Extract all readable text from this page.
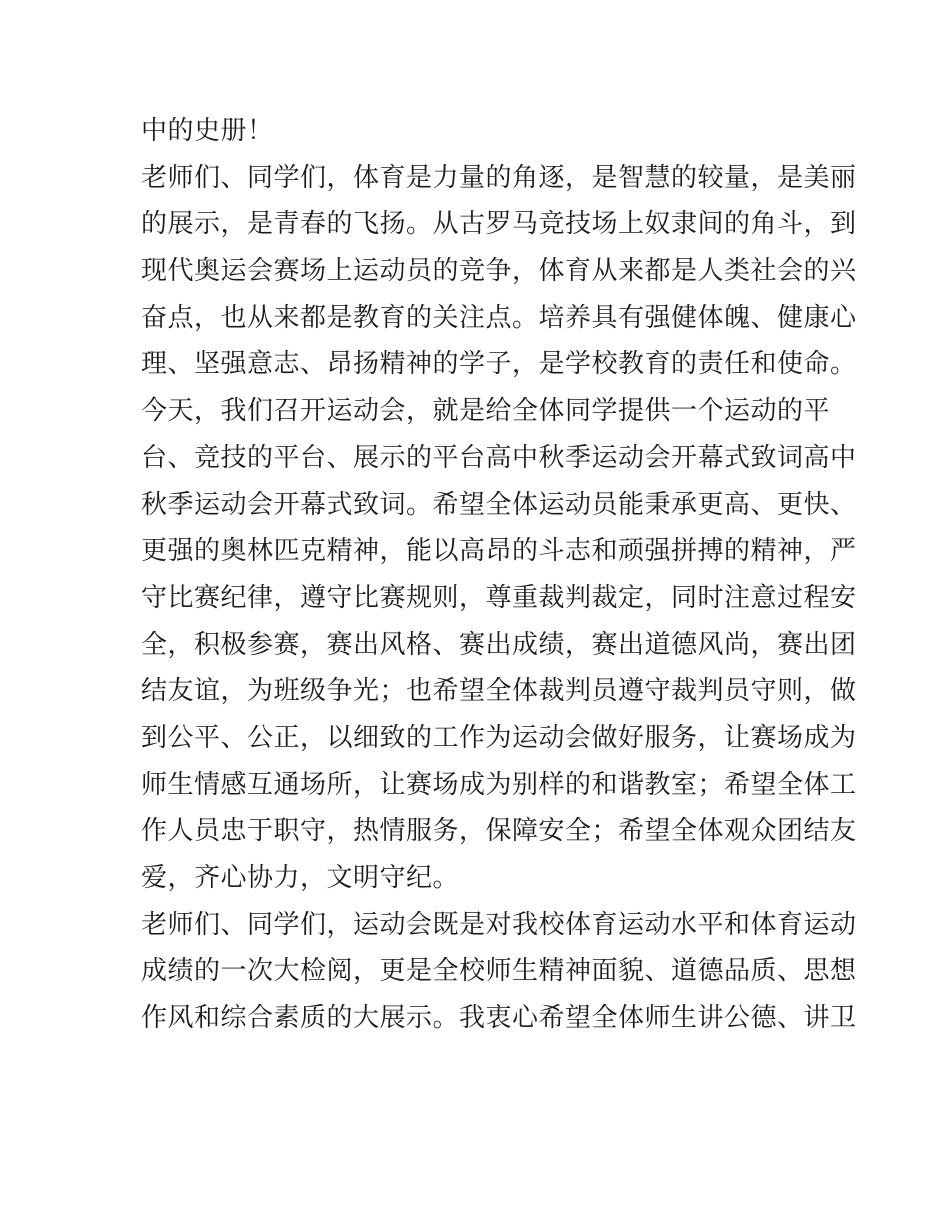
中的史册！
老师们、同学们，体育是力量的角逐，是智慧的较量，是美丽
的展示，是青春的飞扬。从古罗马竞技场上奴隶间的角斗，到
现代奥运会赛场上运动员的竞争，体育从来都是人类社会的兴
奋点，也从来都是教育的关注点。培养具有强健体魄、健康心
理、坚强意志、昂扬精神的学子，是学校教育的责任和使命。
今天，我们召开运动会，就是给全体同学提供一个运动的平
台、竞技的平台、展示的平台高中秋季运动会开幕式致词高中
秋季运动会开幕式致词。希望全体运动员能秉承更高、更快、
更强的奥林匹克精神，能以高昂的斗志和顽强拼搏的精神，严
守比赛纪律，遵守比赛规则，尊重裁判裁定，同时注意过程安
全，积极参赛，赛出风格、赛出成绩，赛出道德风尚，赛出团
结友谊，为班级争光；也希望全体裁判员遵守裁判员守则，做
到公平、公正，以细致的工作为运动会做好服务，让赛场成为
师生情感互通场所，让赛场成为别样的和谐教室；希望全体工
作人员忠于职守，热情服务，保障安全；希望全体观众团结友
爱，齐心协力，文明守纪。
老师们、同学们，运动会既是对我校体育运动水平和体育运动
成绩的一次大检阅，更是全校师生精神面貌、道德品质、思想
作风和综合素质的大展示。我衷心希望全体师生讲公德、讲卫
